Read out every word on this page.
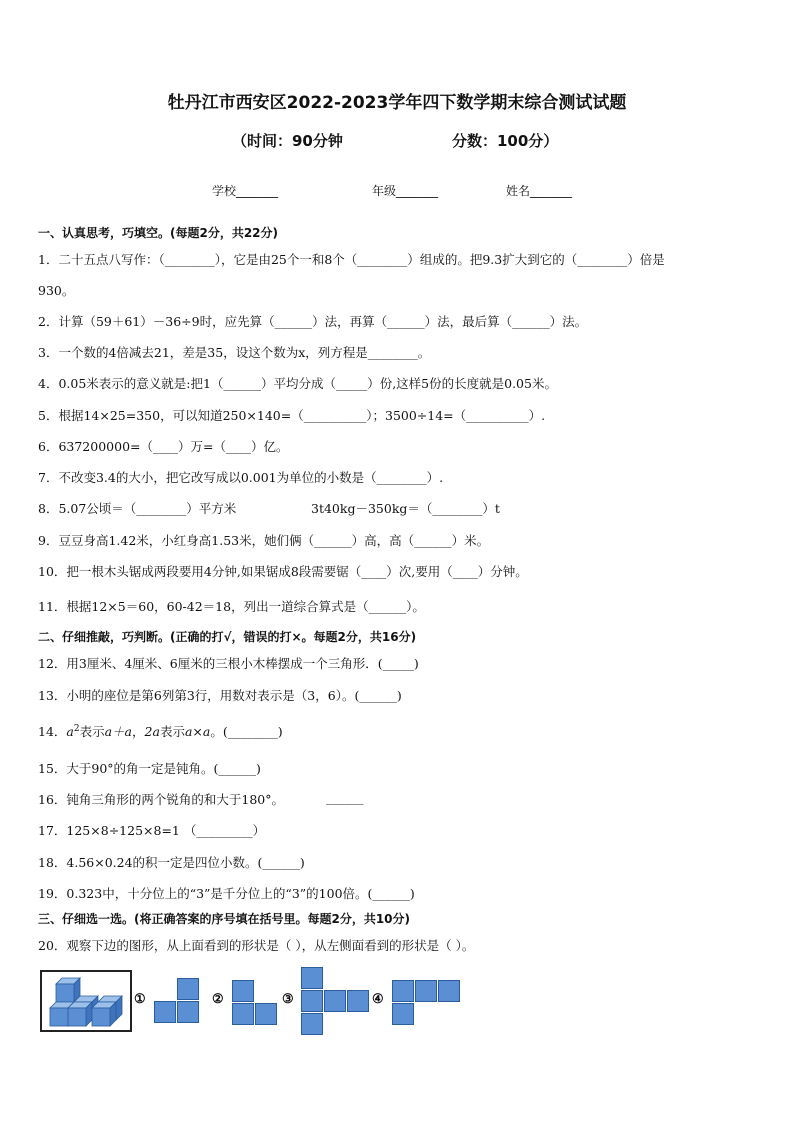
牡丹江市西安区2022-2023学年四下数学期末综合测试试题
（时间：90分钟	分数：100分）
学校_______	年级_______	姓名_______
一、认真思考，巧填空。(每题2分，共22分)
1．二十五点八写作：（________），它是由25个一和8个（________）组成的。把9.3扩大到它的（________）倍是
930。
2．计算（59＋61）－36÷9时，应先算（______）法，再算（______）法，最后算（______）法。
3．一个数的4倍减去21，差是35，设这个数为x，列方程是________。
4．0.05米表示的意义就是:把1（______）平均分成（_____）份,这样5份的长度就是0.05米。
5．根据14×25=350，可以知道250×140=（__________）；3500÷14=（__________）.
6．637200000=（____）万=（____）亿。
7．不改变3.4的大小，把它改写成以0.001为单位的小数是（________）.
8．5.07公顷＝（________）平方米	3t40kg－350kg＝（________）t
9．豆豆身高1.42米，小红身高1.53米，她们俩（______）高，高（______）米。
10．把一根木头锯成两段要用4分钟,如果锯成8段需要锯（____）次,要用（____）分钟。
11．根据12×5＝60，60-42＝18，列出一道综合算式是（______）。
二、仔细推敲，巧判断。(正确的打√，错误的打×。每题2分，共16分)
12．用3厘米、4厘米、6厘米的三根小木棒摆成一个三角形．(_____)
13．小明的座位是第6列第3行，用数对表示是（3，6）。(______)
14．$a^2$表示a＋a，2a表示a×a。(________)
15．大于90°的角一定是钝角。(______)
16．钝角三角形的两个锐角的和大于180°。	______
17．125×8÷125×8=1 （_________）
18．4.56×0.24的积一定是四位小数。(______)
19．0.323中，十分位上的“3”是千分位上的“3”的100倍。(______)
三、仔细选一选。(将正确答案的序号填在括号里。每题2分，共10分)
20．观察下边的图形，从上面看到的形状是（ ），从左侧面看到的形状是（ ）。
①	②	③	④
